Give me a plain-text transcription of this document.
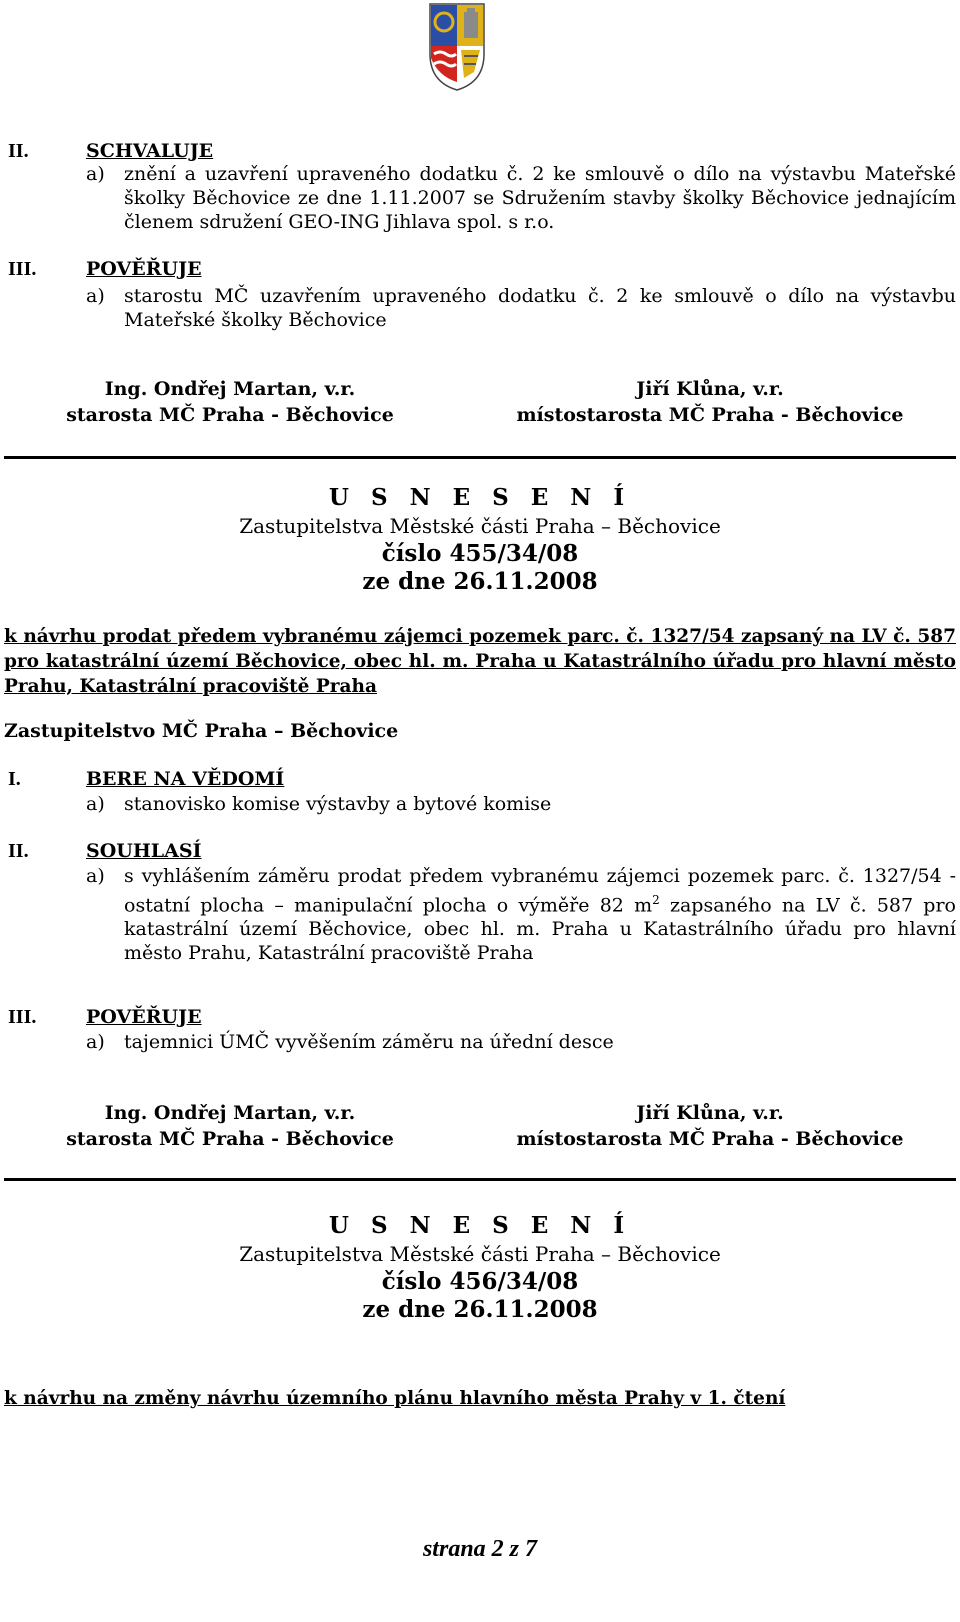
II.	SCHVALUJE
a) znění a uzavření upraveného dodatku č. 2 ke smlouvě o dílo na výstavbu Mateřské školky Běchovice ze dne 1.11.2007 se Sdružením stavby školky Běchovice jednajícím členem sdružení GEO-ING Jihlava spol. s r.o.
III.	POVĚŘUJE
a) starostu MČ uzavřením upraveného dodatku č. 2 ke smlouvě o dílo na výstavbu Mateřské školky Běchovice
Ing. Ondřej Martan, v.r.
starosta MČ Praha - Běchovice
Jiří Klůna, v.r.
místostarosta MČ Praha - Běchovice
U S N E S E N Í
Zastupitelstva Městské části Praha – Běchovice
číslo 455/34/08
ze dne 26.11.2008
k návrhu prodat předem vybranému zájemci pozemek parc. č. 1327/54 zapsaný na LV č. 587 pro katastrální území Běchovice, obec hl. m. Praha u Katastrálního úřadu pro hlavní město Prahu, Katastrální pracoviště Praha
Zastupitelstvo MČ Praha – Běchovice
I.	BERE NA VĚDOMÍ
a) stanovisko komise výstavby a bytové komise
II.	SOUHLASÍ
a) s vyhlášením záměru prodat předem vybranému zájemci pozemek parc. č. 1327/54 - ostatní plocha – manipulační plocha o výměře 82 $m^2$ zapsaného na LV č. 587 pro katastrální území Běchovice, obec hl. m. Praha u Katastrálního úřadu pro hlavní město Prahu, Katastrální pracoviště Praha
III.	POVĚŘUJE
a) tajemnici ÚMČ vyvěšením záměru na úřední desce
Ing. Ondřej Martan, v.r.
starosta MČ Praha - Běchovice
Jiří Klůna, v.r.
místostarosta MČ Praha - Běchovice
U S N E S E N Í
Zastupitelstva Městské části Praha – Běchovice
číslo 456/34/08
ze dne 26.11.2008
k návrhu na změny návrhu územního plánu hlavního města Prahy v 1. čtení
strana 2 z 7
